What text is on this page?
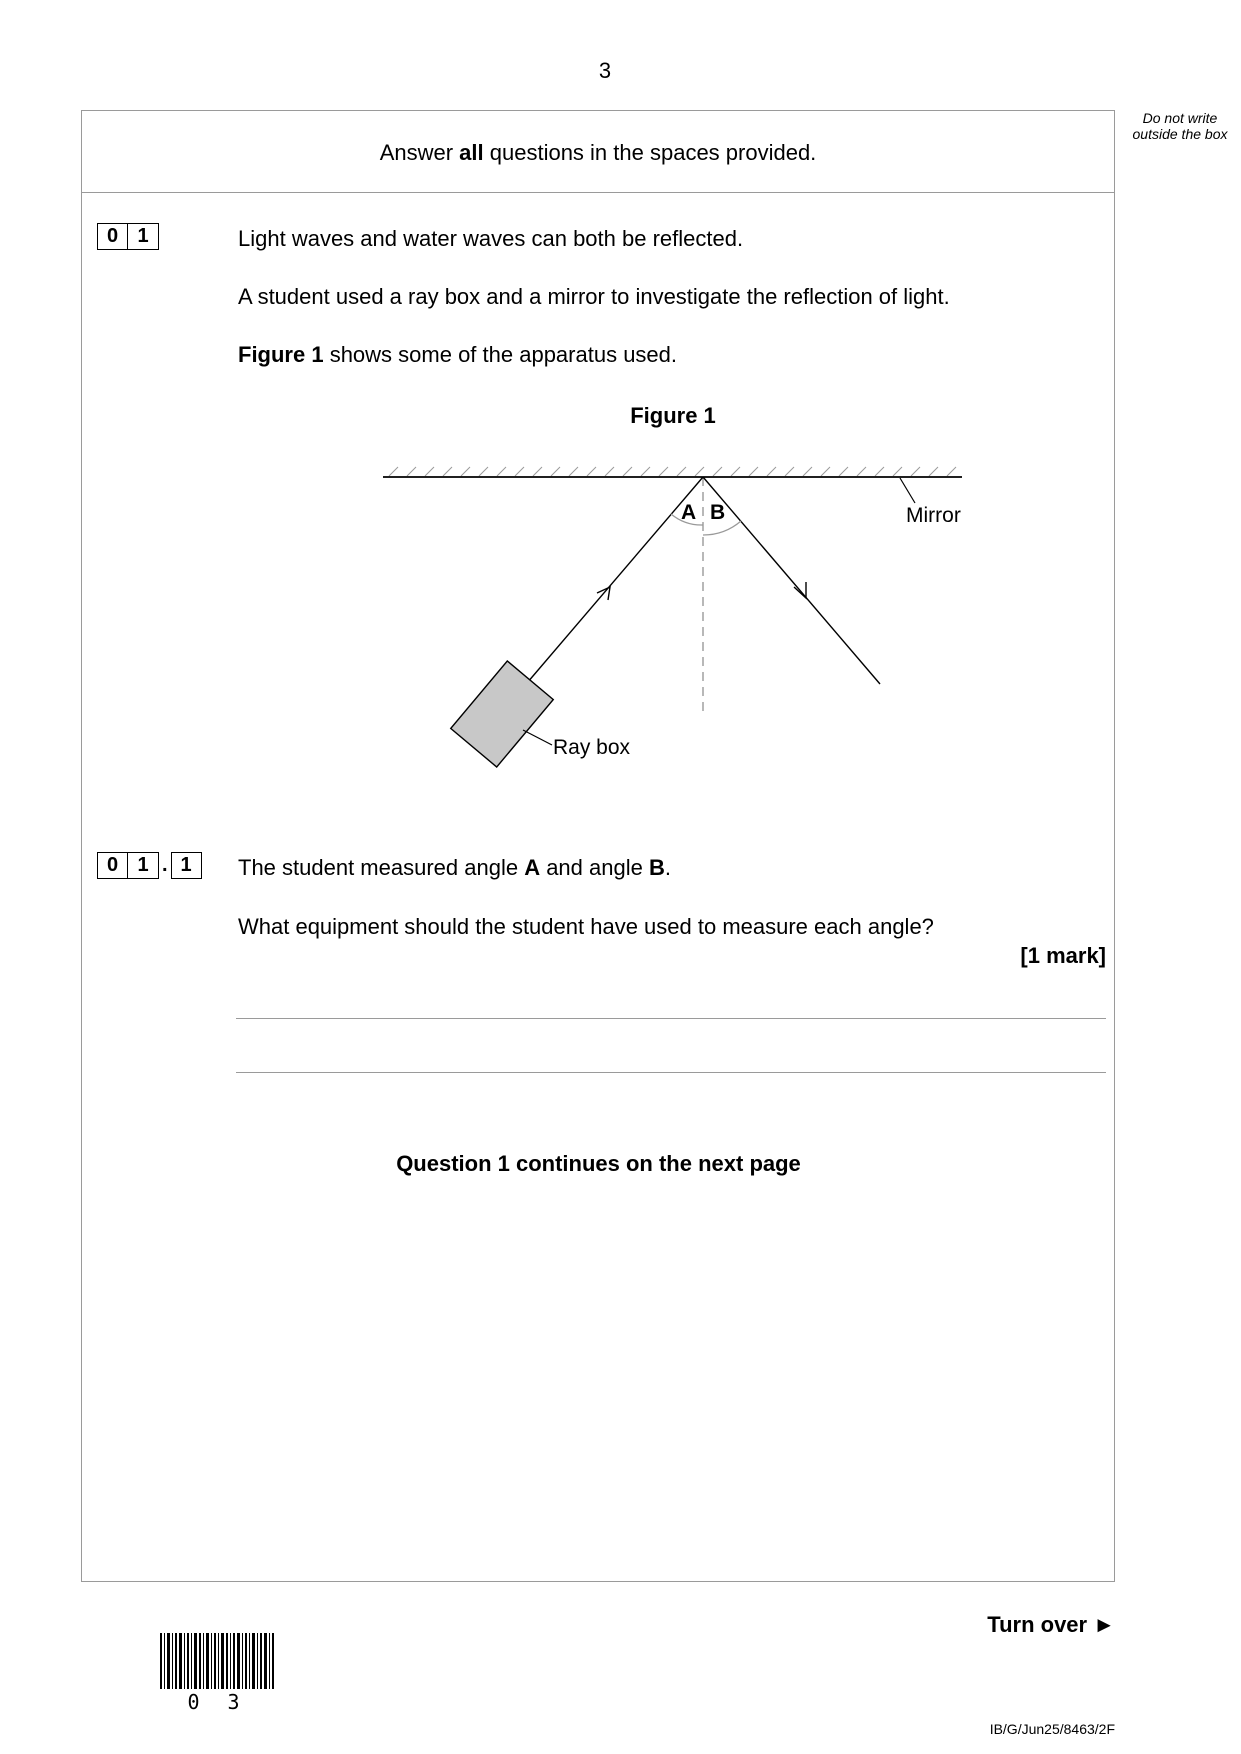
3
Do not write outside the box
Answer all questions in the spaces provided.
0 1	Light waves and water waves can both be reflected.
A student used a ray box and a mirror to investigate the reflection of light.
Figure 1 shows some of the apparatus used.
Figure 1
A B	Mirror
Ray box
0 1 . 1	The student measured angle A and angle B.
What equipment should the student have used to measure each angle?
[1 mark]
Question 1 continues on the next page
Turn over ►
0 3
IB/G/Jun25/8463/2F
